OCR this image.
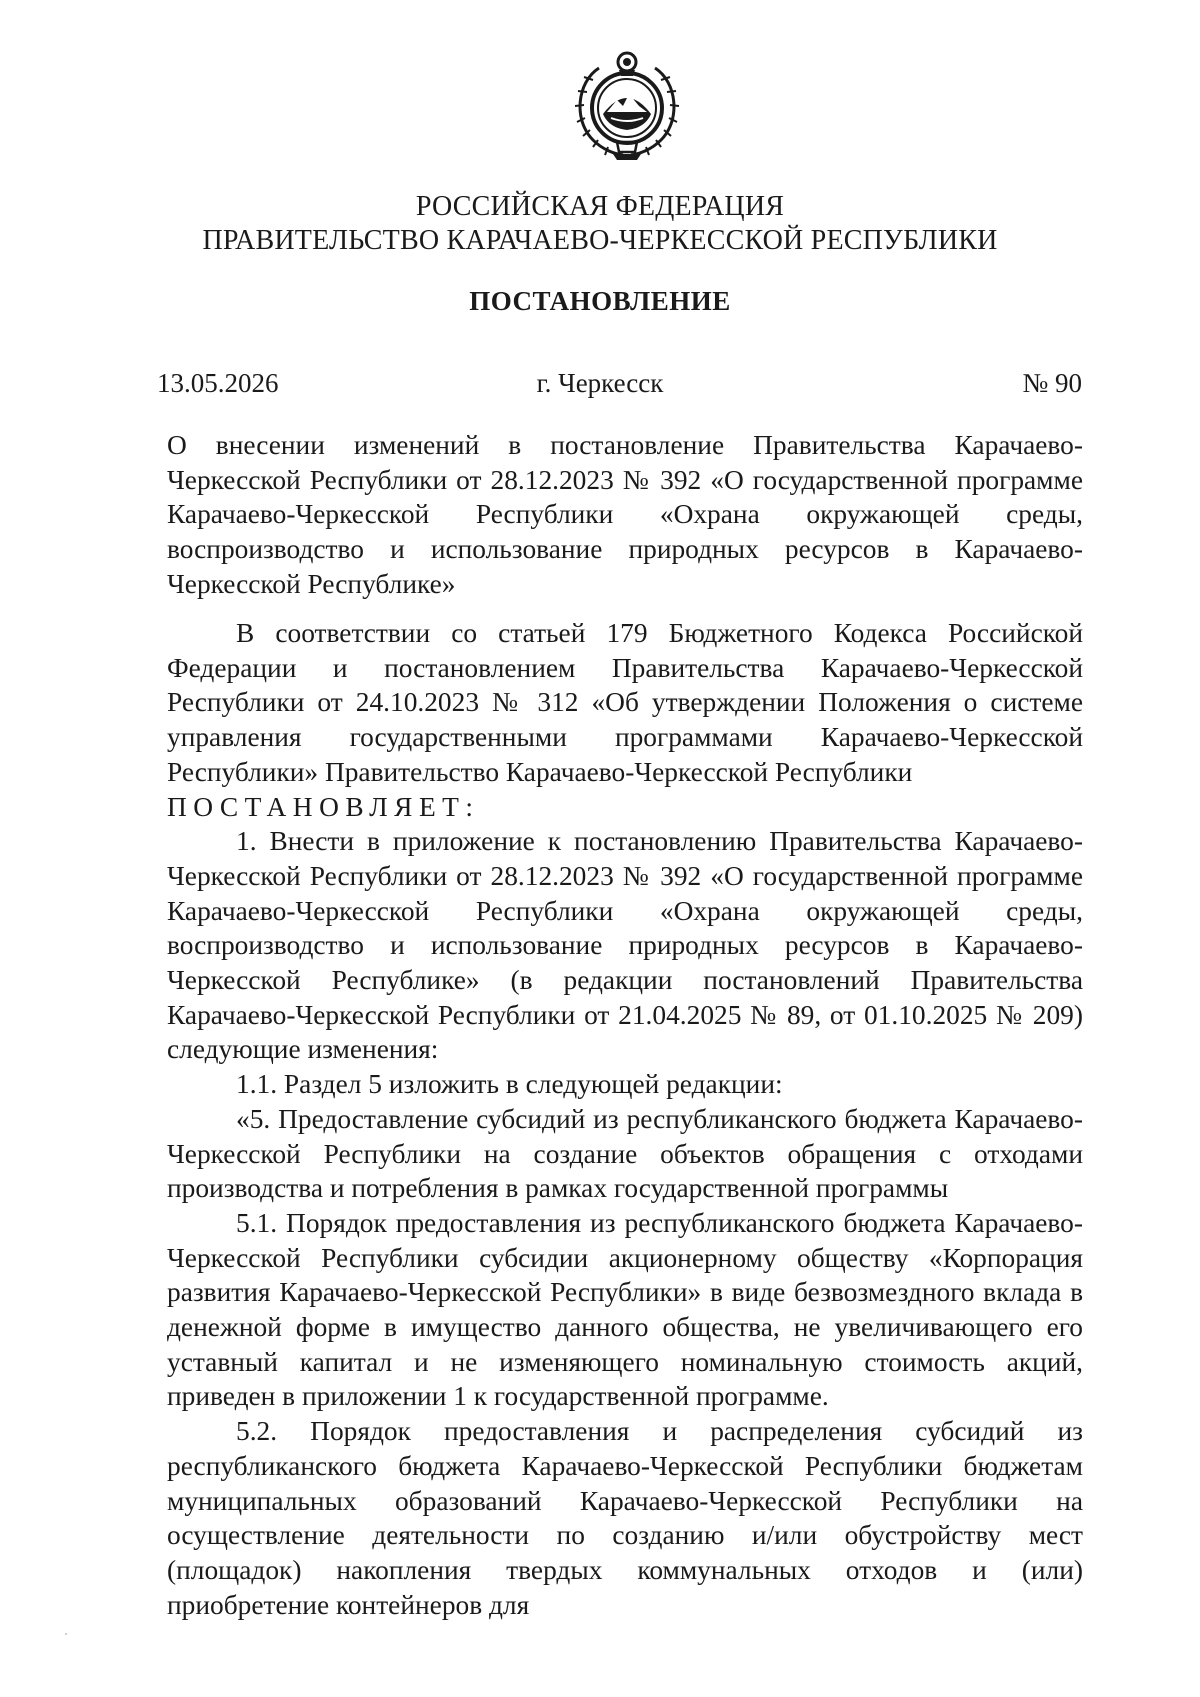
РОССИЙСКАЯ ФЕДЕРАЦИЯ
ПРАВИТЕЛЬСТВО КАРАЧАЕВО-ЧЕРКЕССКОЙ РЕСПУБЛИКИ
ПОСТАНОВЛЕНИЕ
13.05.2026	г. Черкесск	№ 90

О внесении изменений в постановление Правительства Карачаево-Черкесской Республики от 28.12.2023 № 392 «О государственной программе Карачаево-Черкесской Республики «Охрана окружающей среды, воспроизводство и использование природных ресурсов в Карачаево-Черкесской Республике»

В соответствии со статьей 179 Бюджетного Кодекса Российской Федерации и постановлением Правительства Карачаево-Черкесской Республики от 24.10.2023 № 312 «Об утверждении Положения о системе управления государственными программами Карачаево-Черкесской Республики» Правительство Карачаево-Черкесской Республики

ПОСТАНОВЛЯЕТ:

1. Внести в приложение к постановлению Правительства Карачаево-Черкесской Республики от 28.12.2023 № 392 «О государственной программе Карачаево-Черкесской Республики «Охрана окружающей среды, воспроизводство и использование природных ресурсов в Карачаево-Черкесской Республике» (в редакции постановлений Правительства Карачаево-Черкесской Республики от 21.04.2025 № 89, от 01.10.2025 № 209) следующие изменения:

1.1. Раздел 5 изложить в следующей редакции:

«5. Предоставление субсидий из республиканского бюджета Карачаево-Черкесской Республики на создание объектов обращения с отходами производства и потребления в рамках государственной программы

5.1. Порядок предоставления из республиканского бюджета Карачаево-Черкесской Республики субсидии акционерному обществу «Корпорация развития Карачаево-Черкесской Республики» в виде безвозмездного вклада в денежной форме в имущество данного общества, не увеличивающего его уставный капитал и не изменяющего номинальную стоимость акций, приведен в приложении 1 к государственной программе.

5.2. Порядок предоставления и распределения субсидий из республиканского бюджета Карачаево-Черкесской Республики бюджетам муниципальных образований Карачаево-Черкесской Республики на осуществление деятельности по созданию и/или обустройству мест (площадок) накопления твердых коммунальных отходов и (или) приобретение контейнеров для
